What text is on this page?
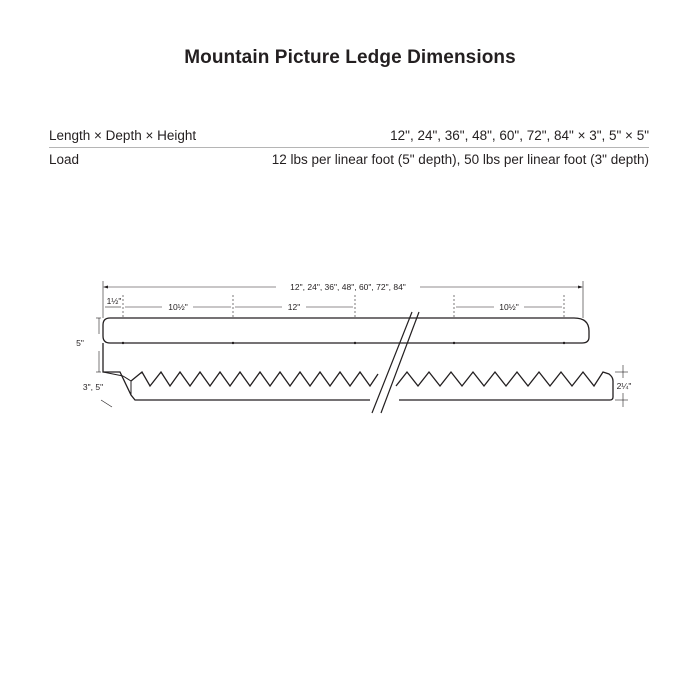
Mountain Picture Ledge Dimensions
Length × Depth × Height	12", 24", 36", 48", 60", 72", 84" × 3", 5" × 5"
Load	12 lbs per linear foot (5" depth), 50 lbs per linear foot (3" depth)
12", 24", 36", 48", 60", 72", 84"
1½"
10½"	12"	10½"
5"
3", 5"	2¼"
